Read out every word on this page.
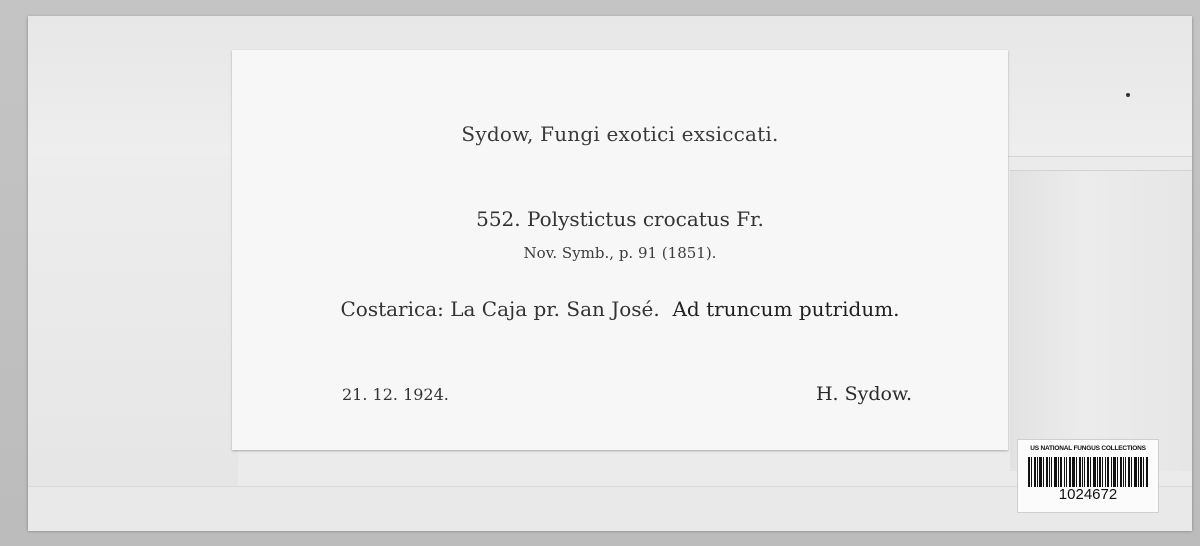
Sydow, Fungi exotici exsiccati.
552. Polystictus crocatus Fr.
Nov. Symb., p. 91 (1851).
Costarica: La Caja pr. San José. Ad truncum putridum.
21. 12. 1924.	H. Sydow.
US NATIONAL FUNGUS COLLECTIONS
1024672
